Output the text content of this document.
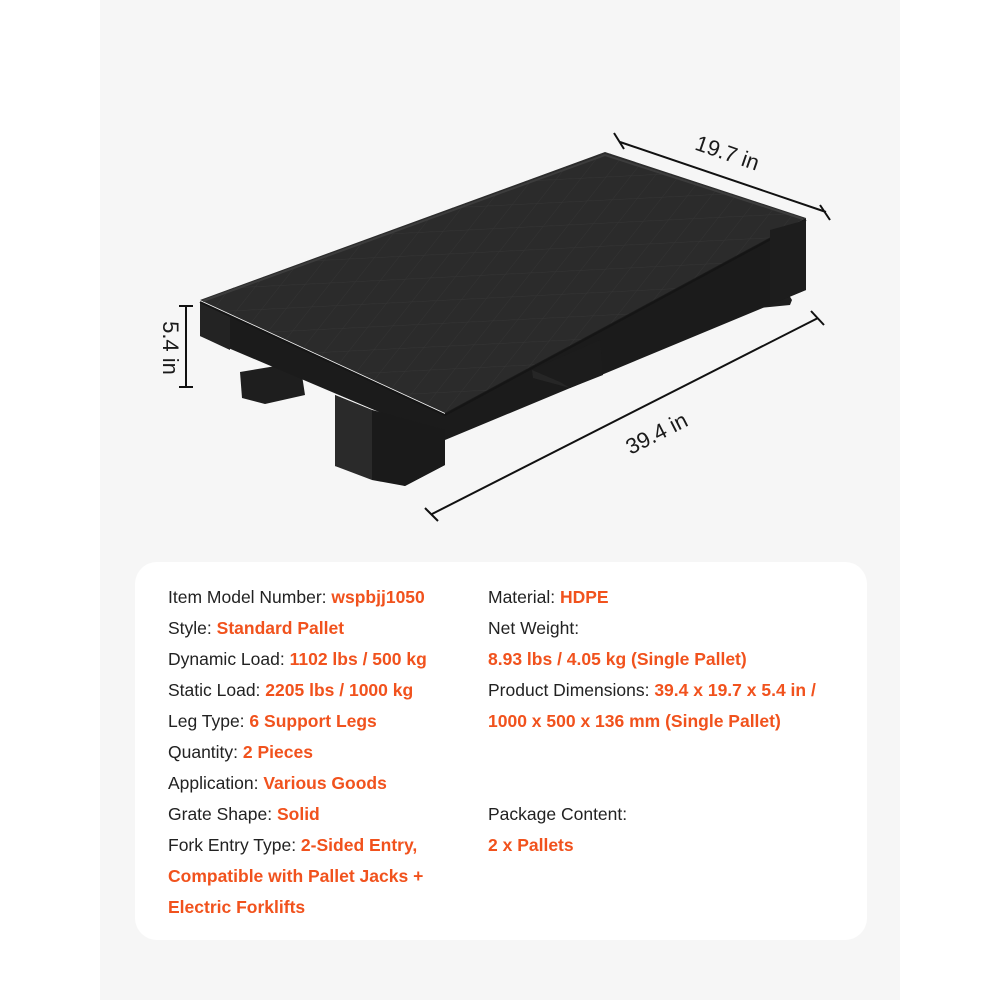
19.7 in
5.4 in
39.4 in
Item Model Number: wspbjj1050
Style: Standard Pallet
Dynamic Load: 1102 lbs / 500 kg
Static Load: 2205 lbs / 1000 kg
Leg Type: 6 Support Legs
Quantity: 2 Pieces
Application: Various Goods
Grate Shape: Solid
Fork Entry Type: 2-Sided Entry,
Compatible with Pallet Jacks +
Electric Forklifts
Material: HDPE
Net Weight:
8.93 lbs / 4.05 kg (Single Pallet)
Product Dimensions: 39.4 x 19.7 x 5.4 in /
1000 x 500 x 136 mm (Single Pallet)
Package Content:
2 x Pallets
